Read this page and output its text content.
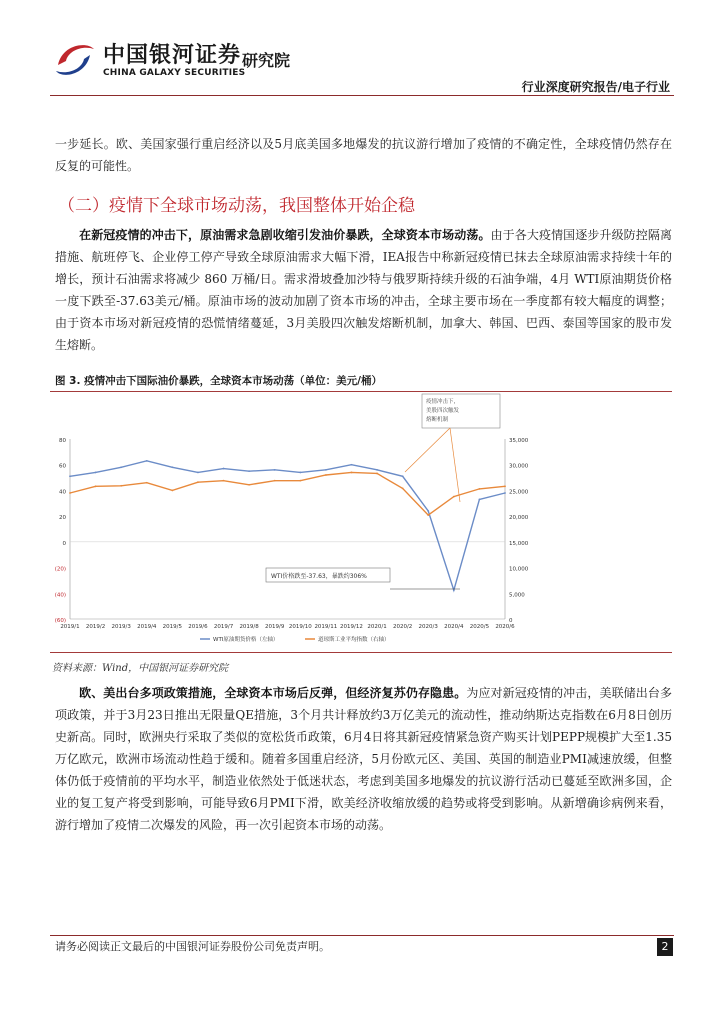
中国银河证券 研究院
CHINA GALAXY SECURITIES
行业深度研究报告/电子行业
一步延长。欧、美国家强行重启经济以及5月底美国多地爆发的抗议游行增加了疫情的不确定性，全球疫情仍然存在反复的可能性。
（二）疫情下全球市场动荡，我国整体开始企稳
在新冠疫情的冲击下，原油需求急剧收缩引发油价暴跌，全球资本市场动荡。由于各大疫情国逐步升级防控隔离措施、航班停飞、企业停工停产导致全球原油需求大幅下滑，IEA报告中称新冠疫情已抹去全球原油需求持续十年的增长，预计石油需求将减少 860 万桶/日。需求滑坡叠加沙特与俄罗斯持续升级的石油争端，4月 WTI原油期货价格一度下跌至-37.63美元/桶。原油市场的波动加剧了资本市场的冲击，全球主要市场在一季度都有较大幅度的调整；由于资本市场对新冠疫情的恐慌情绪蔓延，3月美股四次触发熔断机制，加拿大、韩国、巴西、泰国等国家的股市发生熔断。
图 3. 疫情冲击下国际油价暴跌，全球资本市场动荡（单位：美元/桶）
80
60
40
20
0
(20)
(40)
(60)
35,000
30,000
25,000
20,000
15,000
10,000
5,000
0
2019/1 2019/2 2019/3 2019/4 2019/5 2019/6 2019/7 2019/8 2019/9 2019/10 2019/11 2019/12 2020/1 2020/2 2020/3 2020/4 2020/5 2020/6
疫情冲击下，
美股四次触发
熔断机制
WTI价格跌至-37.63，暴跌约306%
WTI原油期货价格（左轴）	道琼斯工业平均指数（右轴）
资料来源：Wind，中国银河证券研究院
欧、美出台多项政策措施，全球资本市场后反弹，但经济复苏仍存隐患。为应对新冠疫情的冲击，美联储出台多项政策，并于3月23日推出无限量QE措施，3个月共计释放约3万亿美元的流动性，推动纳斯达克指数在6月8日创历史新高。同时，欧洲央行采取了类似的宽松货币政策，6月4日将其新冠疫情紧急资产购买计划PEPP规模扩大至1.35万亿欧元，欧洲市场流动性趋于缓和。随着多国重启经济，5月份欧元区、美国、英国的制造业PMI减速放缓，但整体仍低于疫情前的平均水平，制造业依然处于低迷状态，考虑到美国多地爆发的抗议游行活动已蔓延至欧洲多国，企业的复工复产将受到影响，可能导致6月PMI下滑，欧美经济收缩放缓的趋势或将受到影响。从新增确诊病例来看，游行增加了疫情二次爆发的风险，再一次引起资本市场的动荡。
请务必阅读正文最后的中国银河证券股份公司免责声明。	2
